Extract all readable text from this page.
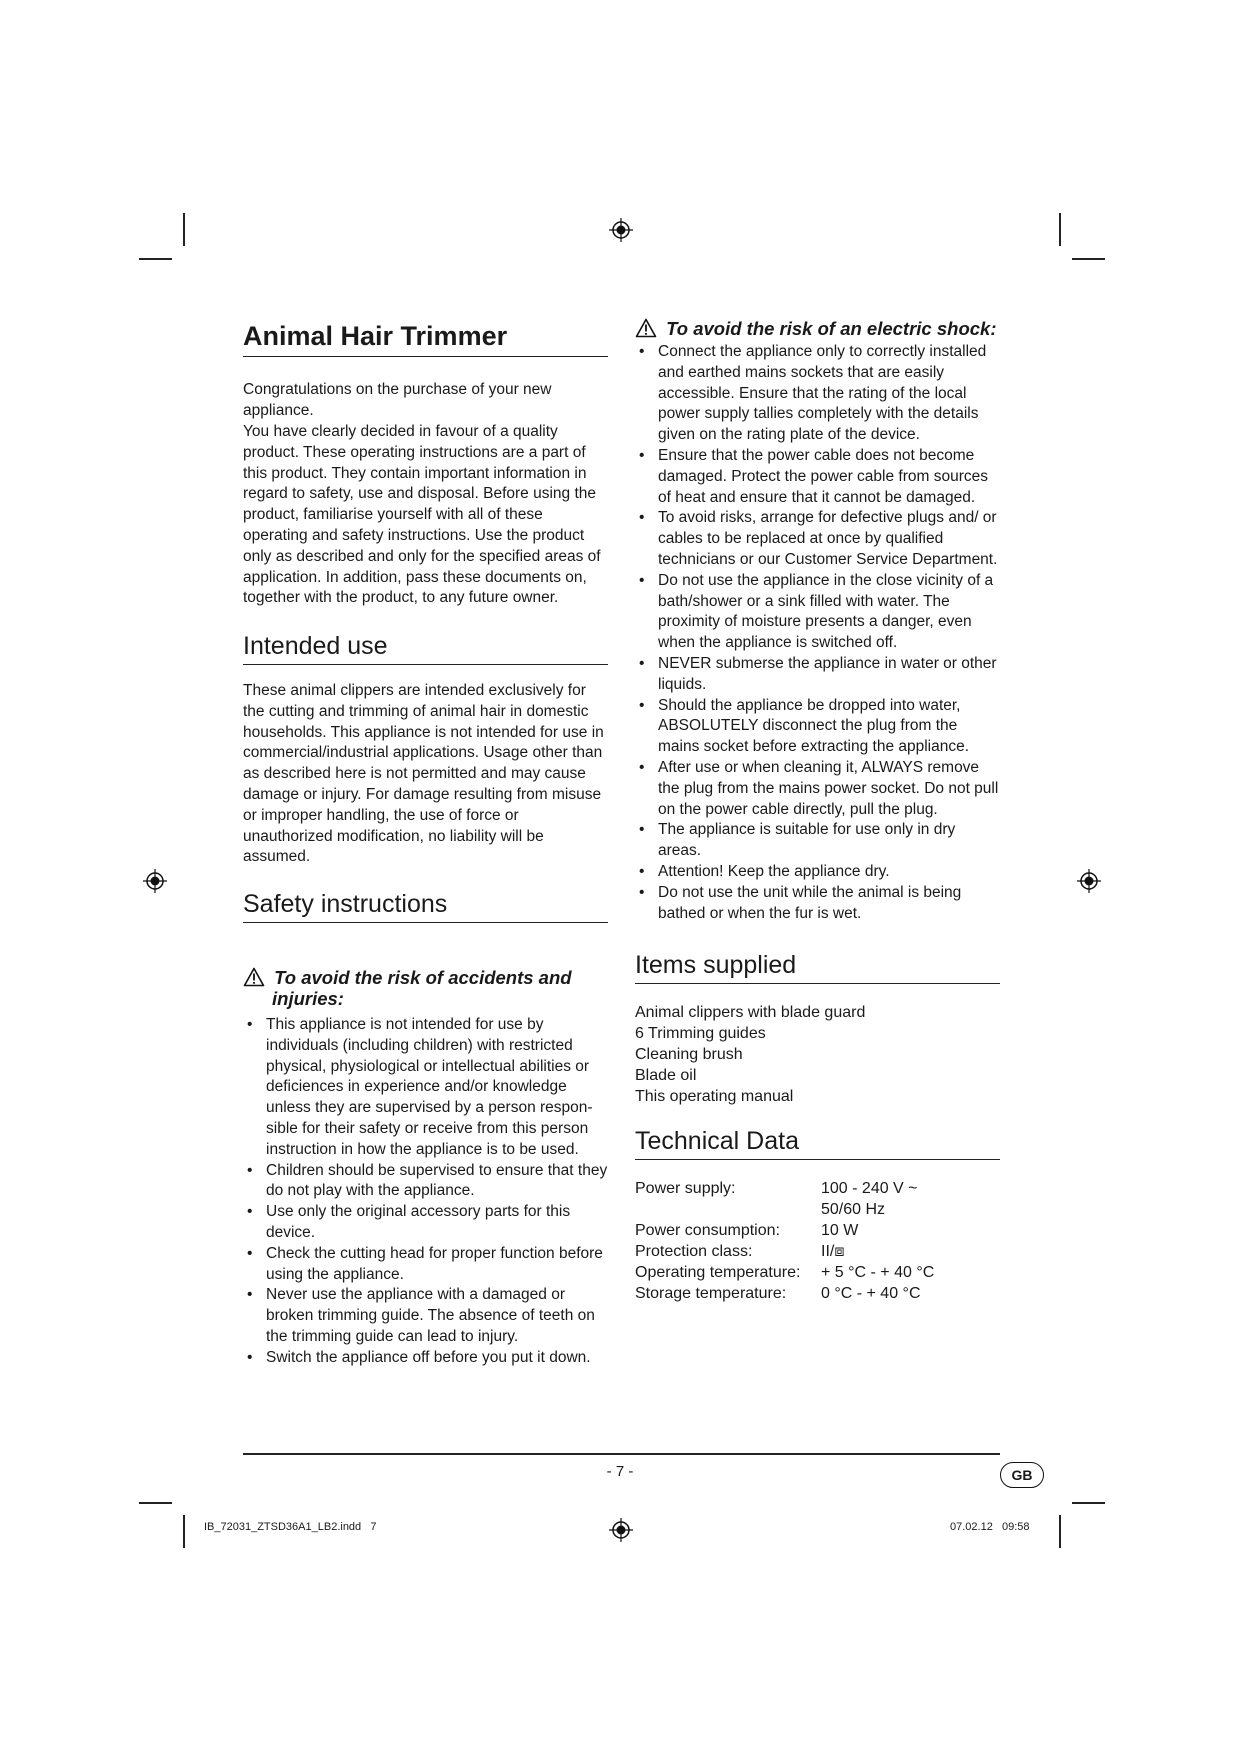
Animal Hair Trimmer

Congratulations on the purchase of your new appliance.

You have clearly decided in favour of a quality product. These operating instructions are a part of this product. They contain important information in regard to safety, use and disposal. Before using the product, familiarise yourself with all of these operating and safety instructions. Use the product only as described and only for the specified areas of application. In addition, pass these documents on, together with the product, to any future owner.

Intended use

These animal clippers are intended exclusively for the cutting and trimming of animal hair in domestic households. This appliance is not intended for use in commercial/industrial applications. Usage other than as described here is not permitted and may cause damage or injury. For damage resulting from misuse or improper handling, the use of force or unauthorized modification, no liability will be assumed.

Safety instructions
To avoid the risk of accidents and injuries:
• This appliance is not intended for use by individuals (including children) with restricted physical, physiological or intellectual abilities or deficiences in experience and/or knowledge unless they are supervised by a person respon-sible for their safety or receive from this person instruction in how the appliance is to be used.
• Children should be supervised to ensure that they do not play with the appliance.
• Use only the original accessory parts for this device.
• Check the cutting head for proper function before using the appliance.
• Never use the appliance with a damaged or broken trimming guide. The absence of teeth on the trimming guide can lead to injury.
• Switch the appliance off before you put it down.
To avoid the risk of an electric shock:
• Connect the appliance only to correctly installed and earthed mains sockets that are easily accessible. Ensure that the rating of the local power supply tallies completely with the details given on the rating plate of the device.
• Ensure that the power cable does not become damaged. Protect the power cable from sources of heat and ensure that it cannot be damaged.
• To avoid risks, arrange for defective plugs and/ or cables to be replaced at once by qualified technicians or our Customer Service Department.
• Do not use the appliance in the close vicinity of a bath/shower or a sink filled with water. The proximity of moisture presents a danger, even when the appliance is switched off.
• NEVER submerse the appliance in water or other liquids.
• Should the appliance be dropped into water, ABSOLUTELY disconnect the plug from the mains socket before extracting the appliance.
• After use or when cleaning it, ALWAYS remove the plug from the mains power socket. Do not pull on the power cable directly, pull the plug.
• The appliance is suitable for use only in dry areas.
• Attention! Keep the appliance dry.
• Do not use the unit while the animal is being bathed or when the fur is wet.
Items supplied
Animal clippers with blade guard
6 Trimming guides
Cleaning brush
Blade oil
This operating manual
Technical Data
Power supply:	100 - 240 V ~
	50/60 Hz
Power consumption:	10 W
Protection class:	II/⧈
Operating temperature:	+ 5 °C - + 40 °C
Storage temperature:	0 °C - + 40 °C
- 7 -	GB
IB_72031_ZTSD36A1_LB2.indd   7	07.02.12   09:58
